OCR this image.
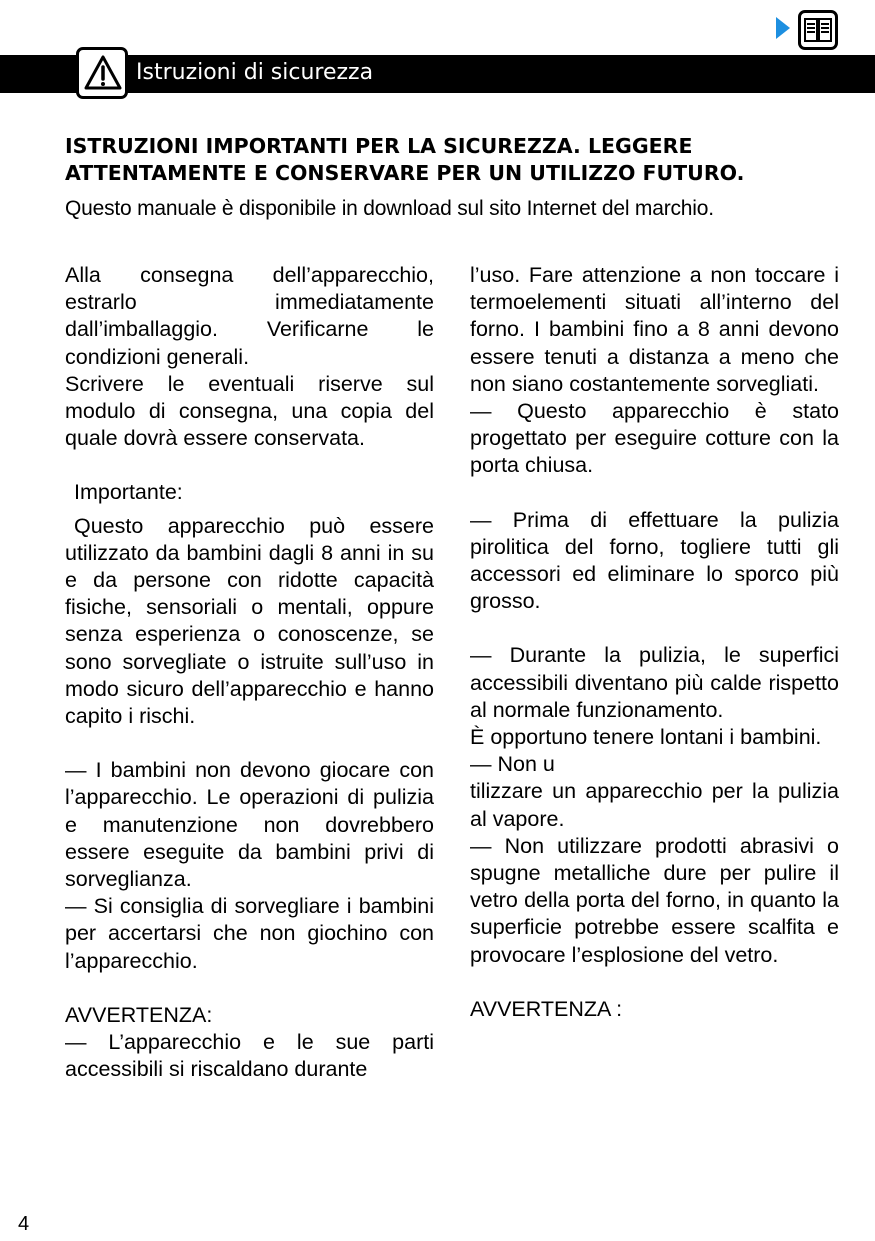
Istruzioni di sicurezza
ISTRUZIONI IMPORTANTI PER LA SICUREZZA. LEGGERE ATTENTAMENTE E CONSERVARE PER UN UTILIZZO FUTURO.

Questo manuale è disponibile in download sul sito Internet del marchio.

Alla consegna dell’apparecchio, estrarlo immediatamente dall’imballaggio. Verificarne le condizioni generali.

Scrivere le eventuali riserve sul modulo di consegna, una copia del quale dovrà essere conservata.

Importante:

Questo apparecchio può essere utilizzato da bambini dagli 8 anni in su e da persone con ridotte capacità fisiche, sensoriali o mentali, oppure senza esperienza o conoscenze, se sono sorvegliate o istruite sull’uso in modo sicuro dell’apparecchio e hanno capito i rischi.

— I bambini non devono giocare con l’apparecchio. Le operazioni di pulizia e manutenzione non dovrebbero essere eseguite da bambini privi di sorveglianza.

— Si consiglia di sorvegliare i bambini per accertarsi che non giochino con l’apparecchio.

AVVERTENZA:

— L’apparecchio e le sue parti accessibili si riscaldano durante

l’uso. Fare attenzione a non toccare i termoelementi situati all’interno del forno. I bambini fino a 8 anni devono essere tenuti a distanza a meno che non siano costantemente sorvegliati.

— Questo apparecchio è stato progettato per eseguire cotture con la porta chiusa.

— Prima di effettuare la pulizia pirolitica del forno, togliere tutti gli accessori ed eliminare lo sporco più grosso.

— Durante la pulizia, le superfici accessibili diventano più calde rispetto al normale funzionamento.

È opportuno tenere lontani i bambini.

— Non u

tilizzare un apparecchio per la pulizia al vapore.

— Non utilizzare prodotti abrasivi o spugne metalliche dure per pulire il vetro della porta del forno, in quanto la superficie potrebbe essere scalfita e provocare l’esplosione del vetro.

AVVERTENZA :

4
